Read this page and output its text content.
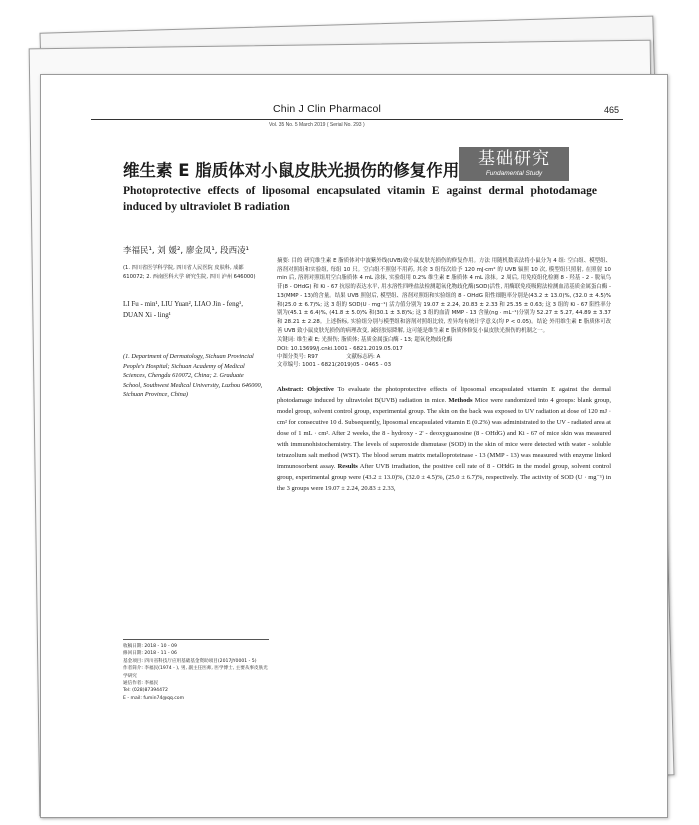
Chin J Clin Pharmacol	465
Vol. 35 No. 5 March 2019 ( Serial No. 293 )
基础研究
Fundamental Study
维生素 E 脂质体对小鼠皮肤光损伤的修复作用
Photoprotective effects of liposomal encapsulated vitamin E against dermal photodamage induced by ultraviolet B radiation
李福民¹, 刘 媛², 廖金凤¹, 段西凌¹
(1. 四川省医学科学院, 四川省人民医院 皮肤科, 成都 610072; 2. 西南医科大学 研究生院, 四川 泸州 646000)
LI Fu - min¹, LIU Yuan², LIAO Jin - feng¹, DUAN Xi - ling¹
(1. Department of Dermatology, Sichuan Provincial People's Hospital; Sichuan Academy of Medical Sciences, Chengdu 610072, China; 2. Graduate School, Southwest Medical University, Luzhou 646000, Sichuan Province, China)
收稿日期: 2018 - 10 - 09
修回日期: 2018 - 11 - 06
基金项目: 四川省科技厅应用基础基金资助项目(2017JY0001 - 5)
作者简介: 李福民(1974 - ), 男, 副主任医师, 医学博士, 主要从事皮肤光学研究
通信作者: 李福民
Tel: (028)87394472
E - mail: fumin74@qq.com

摘要: 目的 研究维生素 E 脂质体对中波紫外线(UVB)致小鼠皮肤光损伤的修复作用。方法 用随机数表法将小鼠分为 4 组: 空白组、模型组、溶剂对照组和实验组, 每组 10 只。空白组不照射不用药, 其余 3 组每次给予 120 mJ·cm² 的 UVB 辐照 10 次, 模型组只照射, 在照射 10 min 后, 溶剂对照组用空白脂质体 4 mL 涂抹, 实验组用 0.2% 维生素 E 脂质体 4 mL 涂抹。2 周后, 用免疫组化检测 8 - 羟基 - 2 - 脱氧鸟苷(8 - OHdG) 和 Ki - 67 抗原的表达水平, 用水溶性四唑盐法检测超氧化物歧化酶(SOD)活性, 用酶联免疫吸附法检测血清基质金属蛋白酶 - 13(MMP - 13)的含量。结果 UVB 照射后, 模型组、溶剂对照组和实验组的 8 - OHdG 阳性细胞率分别是(43.2 ± 13.0)%, (32.0 ± 4.5)% 和(25.0 ± 6.7)%; 这 3 组的 SOD(U · mg⁻¹) 活力值分别为 19.07 ± 2.24, 20.83 ± 2.33 和 25.35 ± 0.63; 这 3 组的 Ki - 67 阳性率分别为(45.1 ± 6.4)%, (41.8 ± 5.0)% 和(30.1 ± 3.8)%; 这 3 组的血清 MMP - 13 含量(ng · mL⁻¹)分别为 52.27 ± 5.27, 44.89 ± 3.37 和 28.21 ± 2.28。上述指标, 实验组分别与模型组和溶剂对照组比较, 差异均有统计学意义(均 P < 0.05)。结论 外用维生素 E 脂质体可改善 UVB 致小鼠皮肤光损伤的病理改变, 减轻胶原降解, 这可能是维生素 E 脂质体修复小鼠皮肤光损伤的机制之一。

关键词: 维生素 E; 光损伤; 脂质体; 基质金属蛋白酶 - 13; 超氧化物歧化酶
DOI: 10.13699/j.cnki.1001 - 6821.2019.05.017
中图分类号: R97	文献标志码: A
文章编号: 1001 - 6821(2019)05 - 0465 - 03
Abstract: Objective To evaluate the photoprotective effects of liposomal encapsulated vitamin E against the dermal photodamage induced by ultraviolet B(UVB) radiation in mice. Methods Mice were randomized into 4 groups: blank group, model group, solvent control group, experimental group. The skin on the back was exposed to UV radiation at dose of 120 mJ · cm² for consecutive 10 d. Subsequently, liposomal encapsulated vitamin E (0.2%) was administrated to the UV - radiated area at dose of 1 mL · cm². After 2 weeks, the 8 - hydroxy - 2' - deoxyguanosine (8 - OHdG) and Ki - 67 of mice skin was measured with immunohistochemistry. The levels of superoxide dismutase (SOD) in the skin of mice were detected with water - soluble tetrazolium salt method (WST). The blood serum matrix metalloproteinase - 13 (MMP - 13) was measured with enzyme linked immunosorbent assay. Results After UVB irradiation, the positive cell rate of 8 - OHdG in the model group, solvent control group, experimental group were (43.2 ± 13.0)%, (32.0 ± 4.5)%, (25.0 ± 6.7)%, respectively. The activity of SOD (U · mg⁻¹) in the 3 groups were 19.07 ± 2.24, 20.83 ± 2.33,
